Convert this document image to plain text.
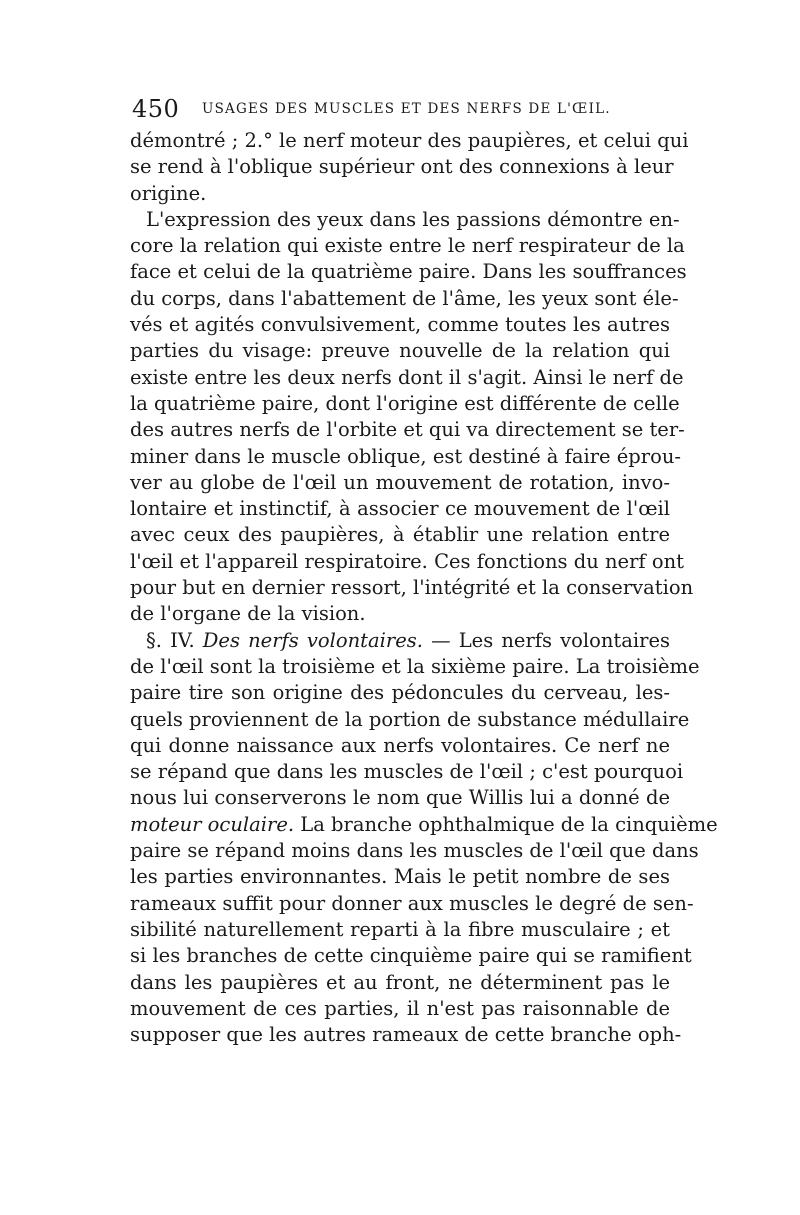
450 USAGES DES MUSCLES ET DES NERFS DE L'ŒIL.
démontré ; 2.° le nerf moteur des paupières, et celui qui
se rend à l'oblique supérieur ont des connexions à leur
origine.
L'expression des yeux dans les passions démontre en-
core la relation qui existe entre le nerf respirateur de la
face et celui de la quatrième paire. Dans les souffrances
du corps, dans l'abattement de l'âme, les yeux sont éle-
vés et agités convulsivement, comme toutes les autres
parties du visage: preuve nouvelle de la relation qui
existe entre les deux nerfs dont il s'agit. Ainsi le nerf de
la quatrième paire, dont l'origine est différente de celle
des autres nerfs de l'orbite et qui va directement se ter-
miner dans le muscle oblique, est destiné à faire éprou-
ver au globe de l'œil un mouvement de rotation, invo-
lontaire et instinctif, à associer ce mouvement de l'œil
avec ceux des paupières, à établir une relation entre
l'œil et l'appareil respiratoire. Ces fonctions du nerf ont
pour but en dernier ressort, l'intégrité et la conservation
de l'organe de la vision.
§. IV. Des nerfs volontaires. — Les nerfs volontaires
de l'œil sont la troisième et la sixième paire. La troisième
paire tire son origine des pédoncules du cerveau, les-
quels proviennent de la portion de substance médullaire
qui donne naissance aux nerfs volontaires. Ce nerf ne
se répand que dans les muscles de l'œil ; c'est pourquoi
nous lui conserverons le nom que Willis lui a donné de
moteur oculaire. La branche ophthalmique de la cinquième
paire se répand moins dans les muscles de l'œil que dans
les parties environnantes. Mais le petit nombre de ses
rameaux suffit pour donner aux muscles le degré de sen-
sibilité naturellement reparti à la fibre musculaire ; et
si les branches de cette cinquième paire qui se ramifient
dans les paupières et au front, ne déterminent pas le
mouvement de ces parties, il n'est pas raisonnable de
supposer que les autres rameaux de cette branche oph-
